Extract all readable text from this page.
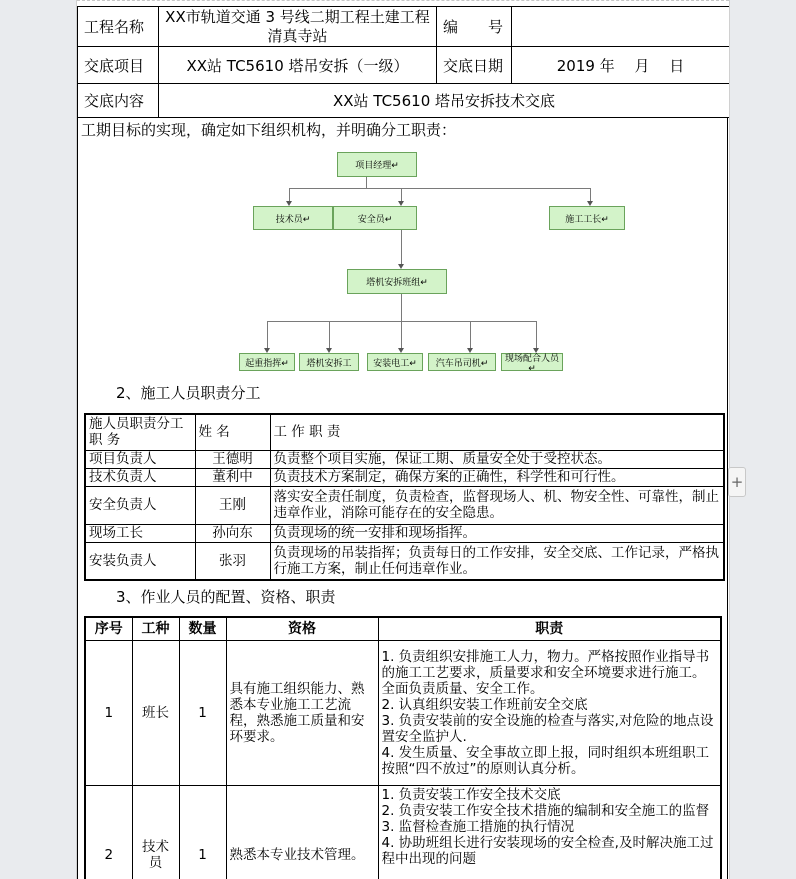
工程名称	XX市轨道交通 3 号线二期工程土建工程清真寺站	编　　号	
交底项目	XX站 TC5610 塔吊安拆（一级）	交底日期	2019 年　 月　 日
交底内容	XX站 TC5610 塔吊安拆技术交底		
工期目标的实现，确定如下组织机构，并明确分工职责：
项目经理↵
技术员↵	安全员↵	施工工长↵
塔机安拆班组↵
起重指挥↵	塔机安拆工	安装电工↵	汽车吊司机↵	现场配合人员↵
2、施工人员职责分工
施人员职责分工职 务	姓 名	工 作 职 责
项目负责人	王德明	负责整个项目实施，保证工期、质量安全处于受控状态。
技术负责人	董利中	负责技术方案制定，确保方案的正确性，科学性和可行性。
安全负责人	王刚	落实安全责任制度，负责检查，监督现场人、机、物安全性、可靠性，制止违章作业，消除可能存在的安全隐患。
现场工长	孙向东	负责现场的统一安排和现场指挥。
安装负责人	张羽	负责现场的吊装指挥；负责每日的工作安排，安全交底、工作记录，严格执行施工方案，制止任何违章作业。
3、作业人员的配置、资格、职责
序号	工种	数量	资格	职责
1	班长	1	具有施工组织能力、熟悉本专业施工工艺流程，熟悉施工质量和安环要求。	1. 负责组织安排施工人力，物力。严格按照作业指导书的施工工艺要求，质量要求和安全环境要求进行施工。全面负责质量、安全工作。
2. 认真组织安装工作班前安全交底
3. 负责安装前的安全设施的检查与落实,对危险的地点设置安全监护人.
4. 发生质量、安全事故立即上报，同时组织本班组职工按照“四不放过”的原则认真分析。

2	技术员	1	熟悉本专业技术管理。	1. 负责安装工作安全技术交底
2. 负责安装工作安全技术措施的编制和安全施工的监督
3. 监督检查施工措施的执行情况
4. 协助班组长进行安装现场的安全检查,及时解决施工过程中出现的问题
+
